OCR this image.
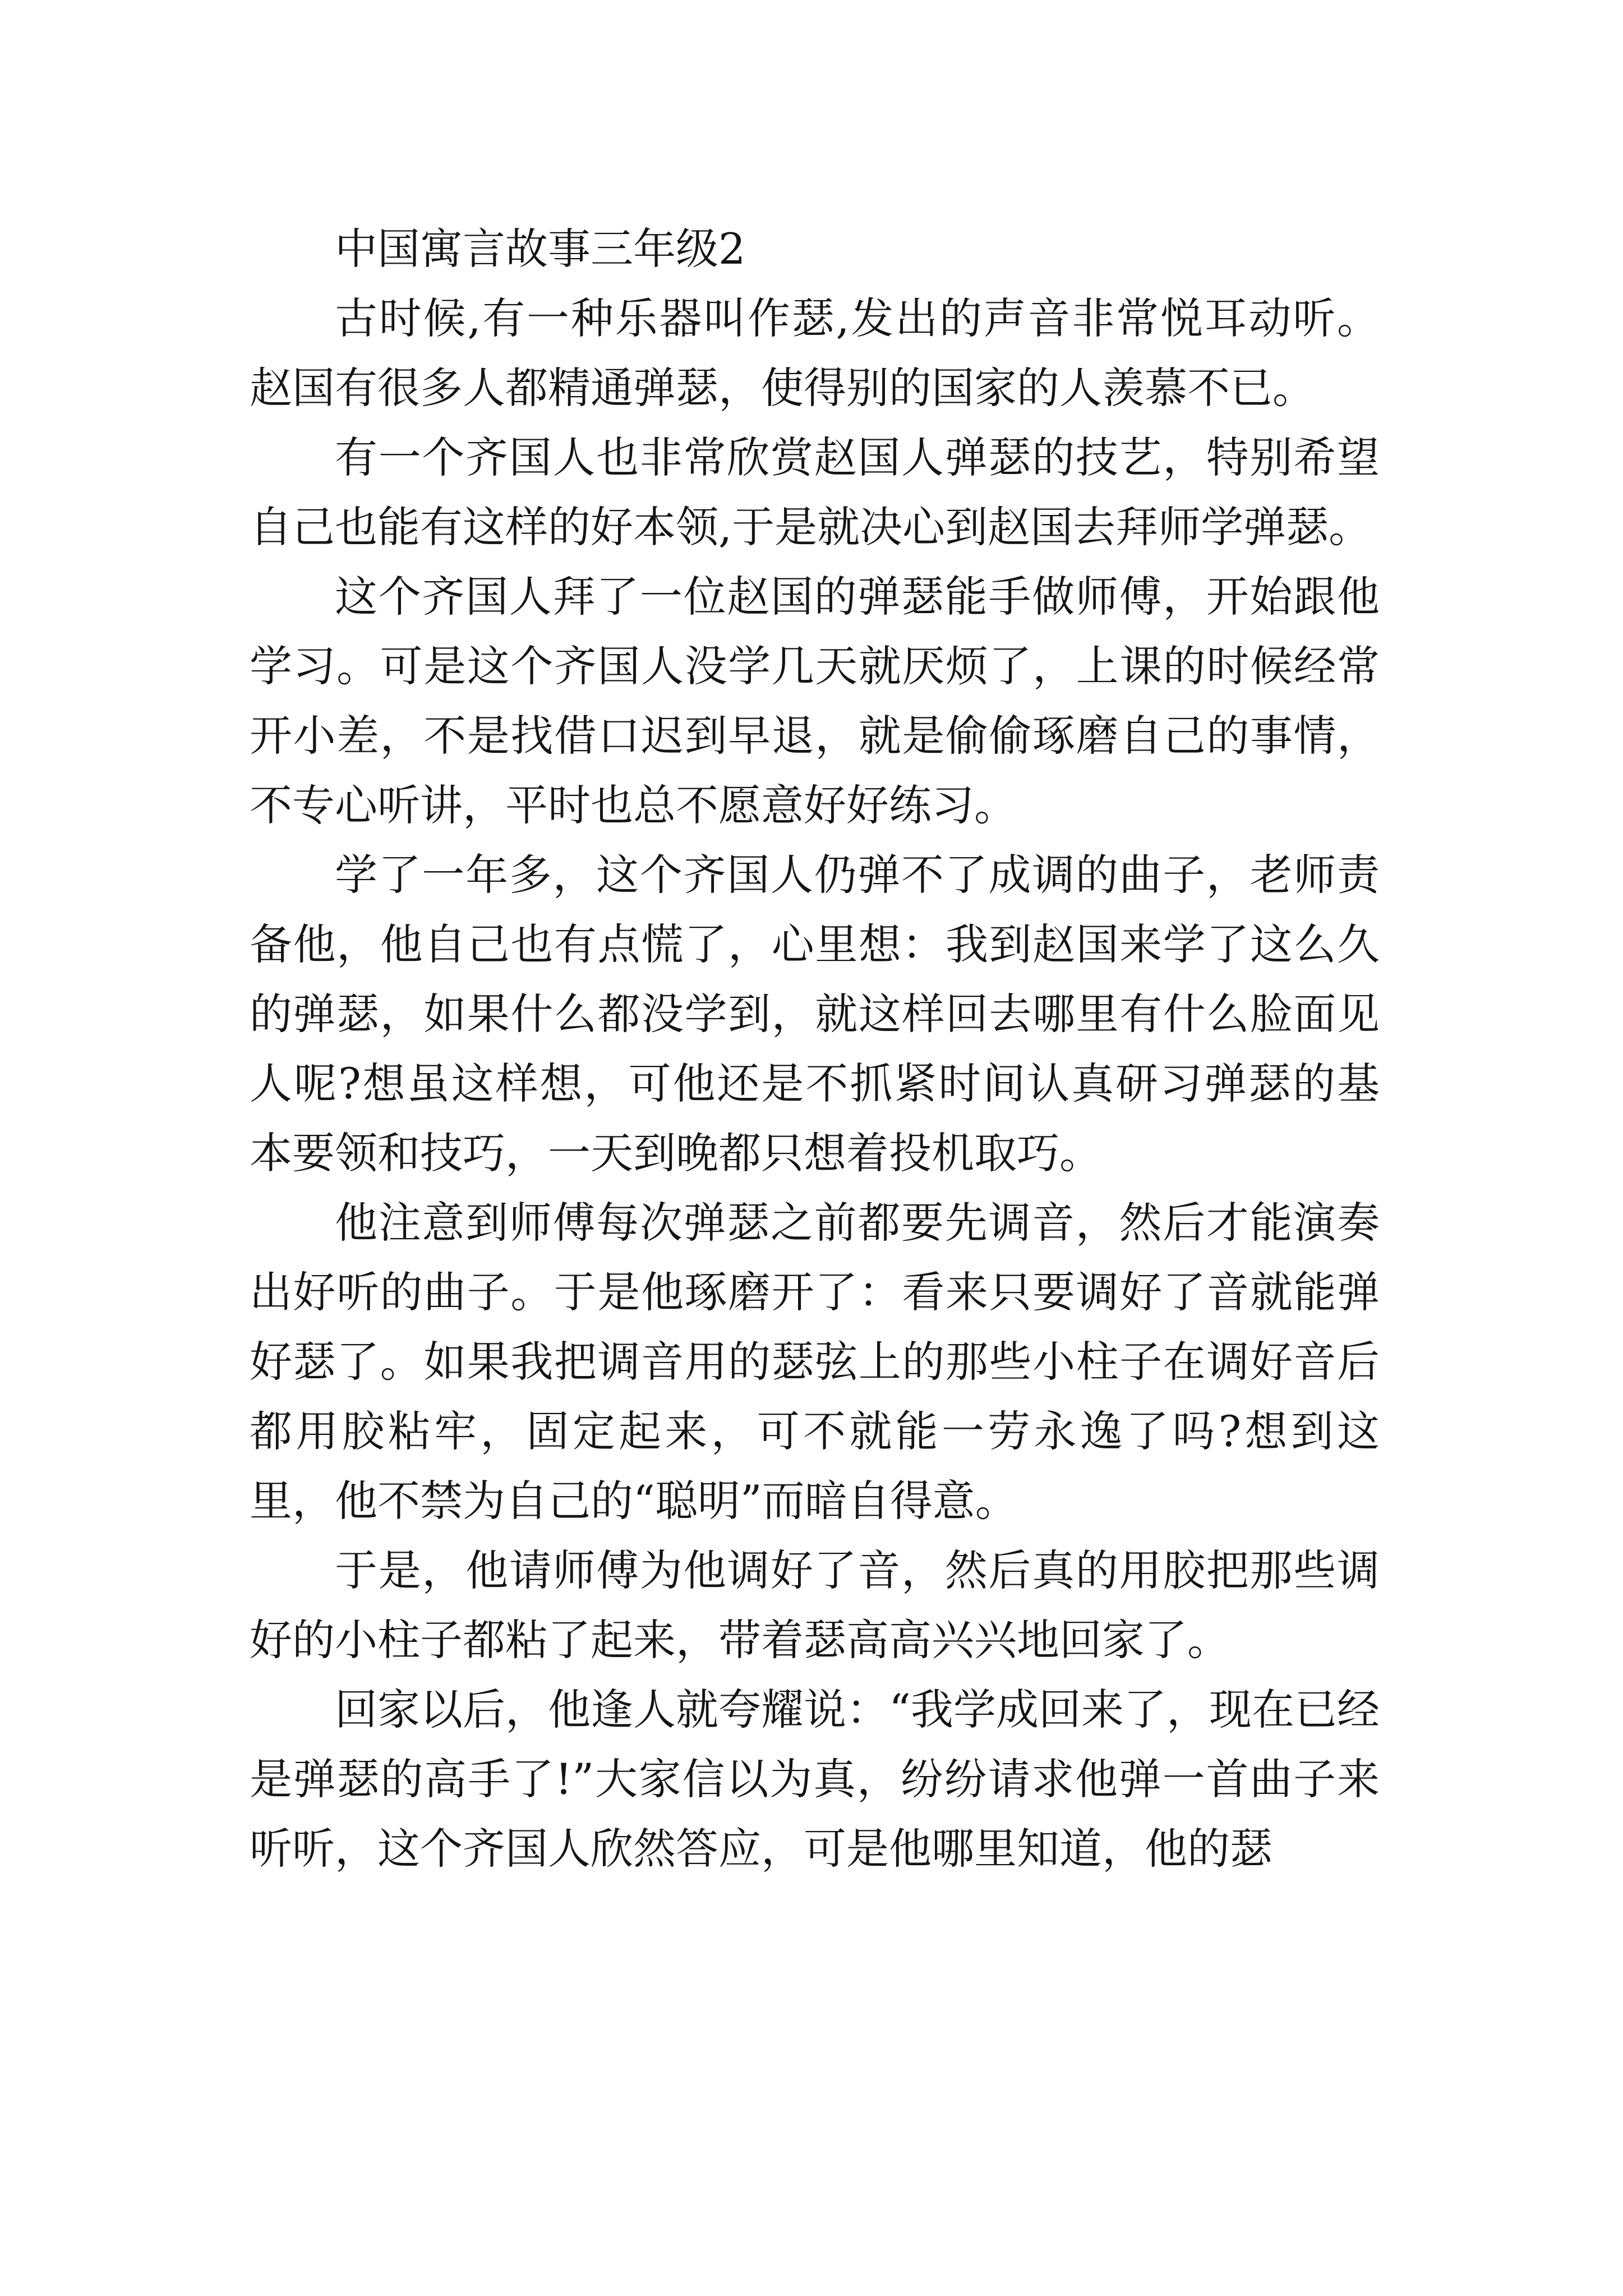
中国寓言故事三年级2

古时候,有一种乐器叫作瑟,发出的声音非常悦耳动听。赵国有很多人都精通弹瑟，使得别的国家的人羡慕不已。

有一个齐国人也非常欣赏赵国人弹瑟的技艺，特别希望自己也能有这样的好本领,于是就决心到赵国去拜师学弹瑟。

这个齐国人拜了一位赵国的弹瑟能手做师傅，开始跟他学习。可是这个齐国人没学几天就厌烦了，上课的时候经常开小差，不是找借口迟到早退，就是偷偷琢磨自己的事情，不专心听讲，平时也总不愿意好好练习。

学了一年多，这个齐国人仍弹不了成调的曲子，老师责备他，他自己也有点慌了，心里想：我到赵国来学了这么久的弹瑟，如果什么都没学到，就这样回去哪里有什么脸面见人呢?想虽这样想，可他还是不抓紧时间认真研习弹瑟的基本要领和技巧，一天到晚都只想着投机取巧。

他注意到师傅每次弹瑟之前都要先调音，然后才能演奏出好听的曲子。于是他琢磨开了：看来只要调好了音就能弹好瑟了。如果我把调音用的瑟弦上的那些小柱子在调好音后都用胶粘牢，固定起来，可不就能一劳永逸了吗?想到这里，他不禁为自己的“聪明”而暗自得意。

于是，他请师傅为他调好了音，然后真的用胶把那些调好的小柱子都粘了起来，带着瑟高高兴兴地回家了。

回家以后，他逢人就夸耀说：“我学成回来了，现在已经是弹瑟的高手了!”大家信以为真，纷纷请求他弹一首曲子来听听，这个齐国人欣然答应，可是他哪里知道，他的瑟
